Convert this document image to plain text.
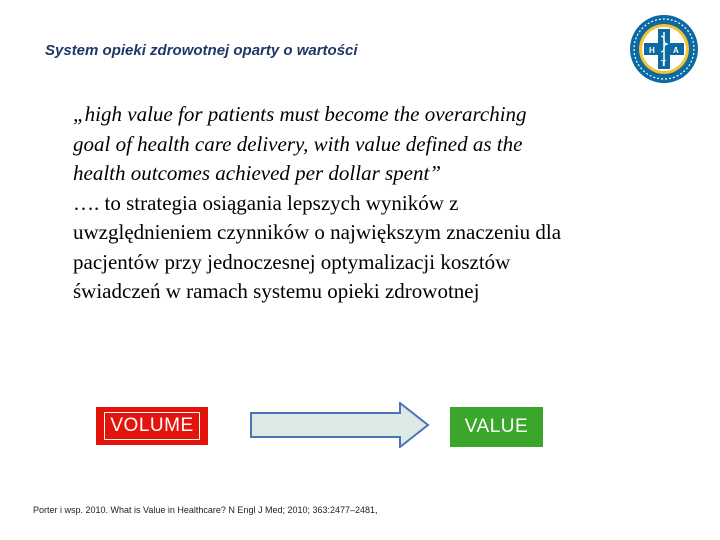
System opieki zdrowotnej oparty o wartości	H
T
A
„high value for patients must become the overarching
goal of health care delivery, with value defined as the
health outcomes achieved per dollar spent”
…. to strategia osiągania lepszych wyników z
uwzględnieniem czynników o największym znaczeniu dla
pacjentów przy jednoczesnej optymalizacji kosztów
świadczeń w ramach systemu opieki zdrowotnej
VOLUME	VALUE
Porter i wsp. 2010. What is Value in Healthcare? N Engl J Med; 2010; 363:2477–2481,
